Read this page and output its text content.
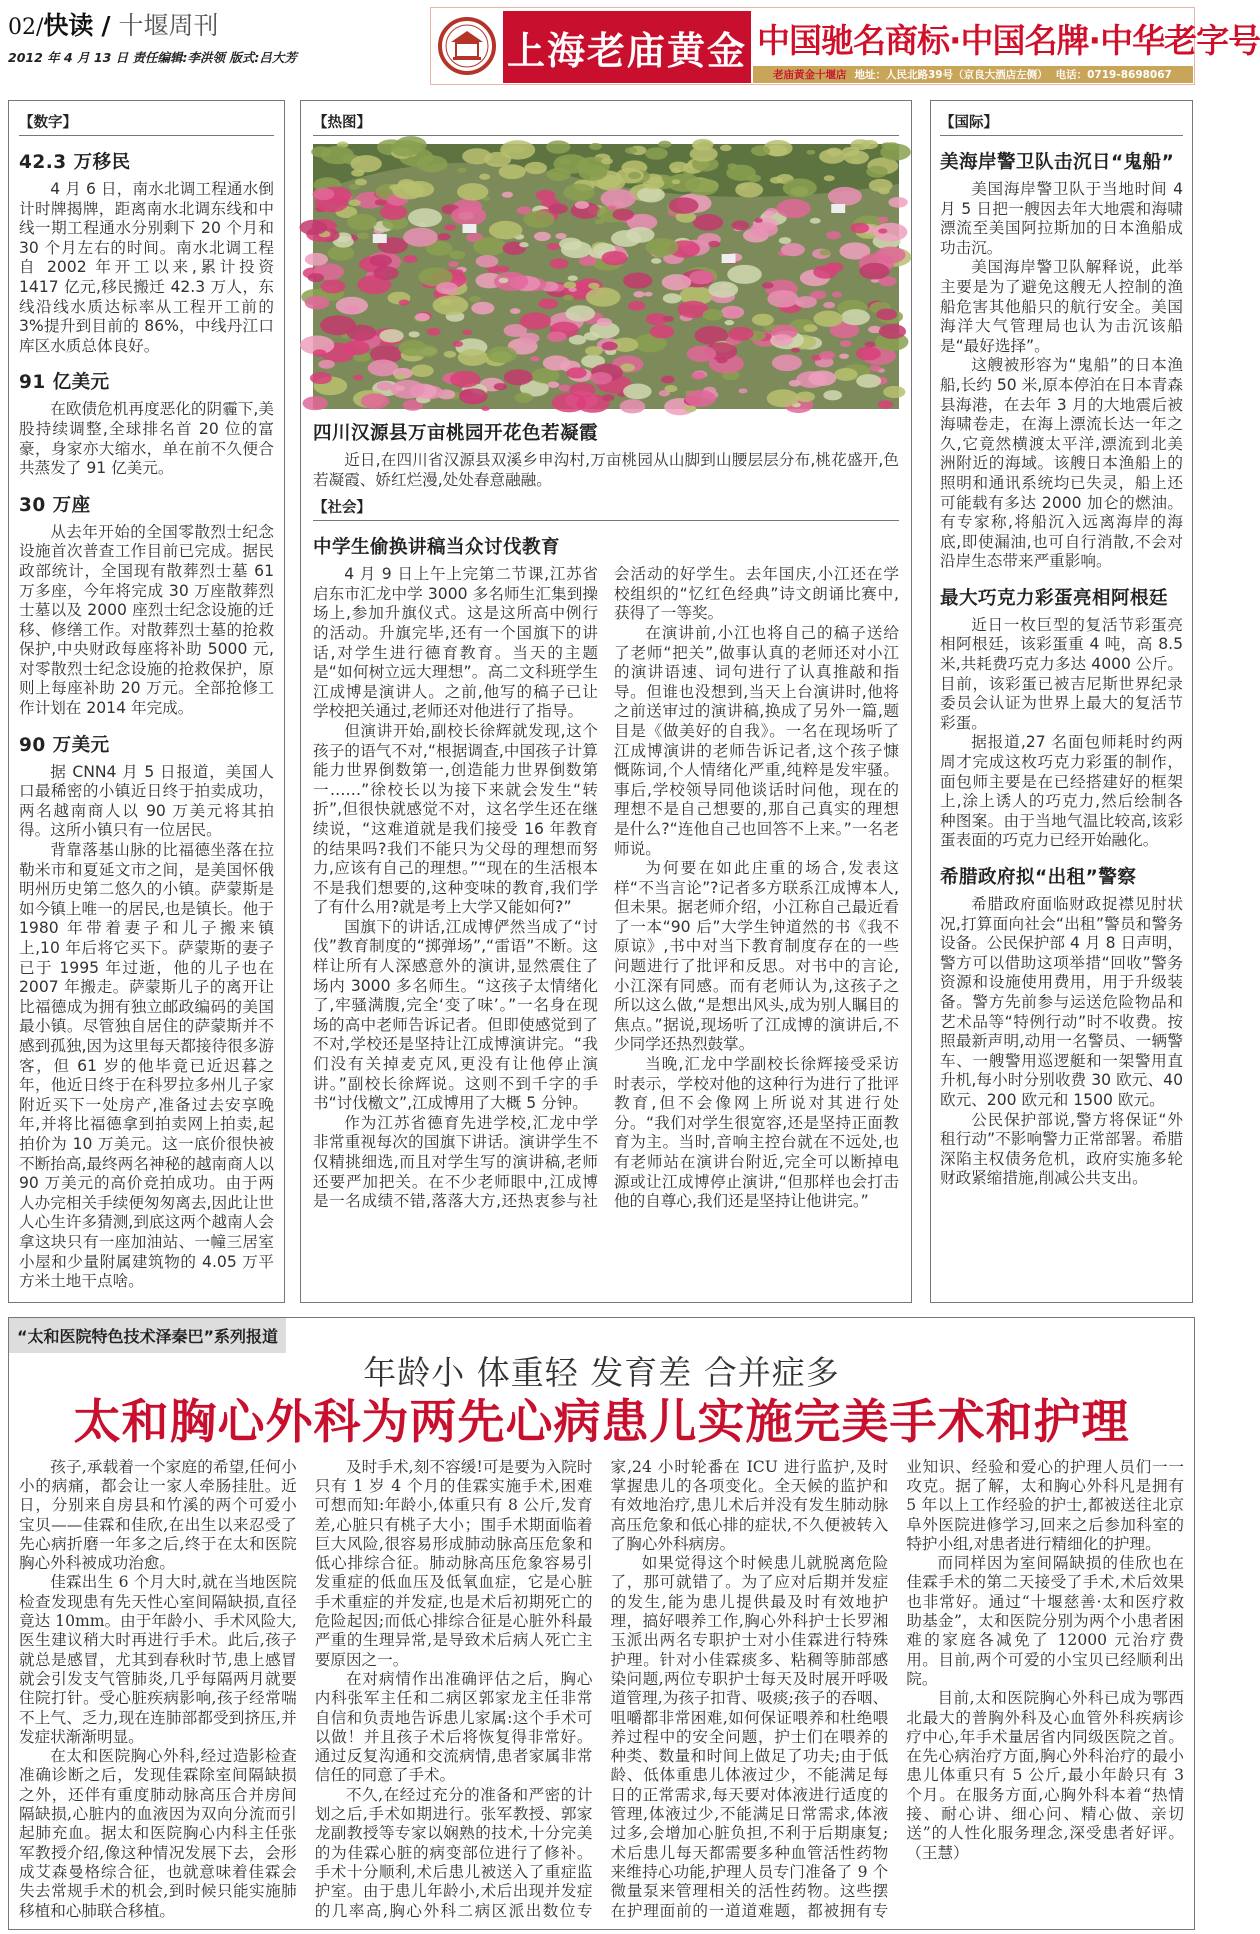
02/快读 / 十堰周刊
2012 年 4 月 13 日 责任编辑:李洪领 版式:吕大芳	上海老庙黄金 中国驰名商标·中国名牌·中华老字号
老庙黄金十堰店 地址：人民北路39号（京良大酒店左侧） 电话：0719-8698067
【数字】
42.3 万移民

4 月 6 日，南水北调工程通水倒计时牌揭牌，距离南水北调东线和中线一期工程通水分别剩下 20 个月和 30 个月左右的时间。南水北调工程自 2002 年开工以来,累计投资 1417 亿元,移民搬迁 42.3 万人，东线沿线水质达标率从工程开工前的 3%提升到目前的 86%，中线丹江口库区水质总体良好。

91 亿美元

在欧债危机再度恶化的阴霾下,美股持续调整,全球排名首 20 位的富豪，身家亦大缩水，单在前不久便合共蒸发了 91 亿美元。

30 万座

从去年开始的全国零散烈士纪念设施首次普查工作目前已完成。据民政部统计，全国现有散葬烈士墓 61 万多座，今年将完成 30 万座散葬烈士墓以及 2000 座烈士纪念设施的迁移、修缮工作。对散葬烈士墓的抢救保护,中央财政每座将补助 5000 元,对零散烈士纪念设施的抢救保护，原则上每座补助 20 万元。全部抢修工作计划在 2014 年完成。

90 万美元

据 CNN4 月 5 日报道，美国人口最稀密的小镇近日终于拍卖成功，两名越南商人以 90 万美元将其拍得。这所小镇只有一位居民。

背靠落基山脉的比福德坐落在拉勒米市和夏延文市之间，是美国怀俄明州历史第二悠久的小镇。萨蒙斯是如今镇上唯一的居民,也是镇长。他于 1980 年带着妻子和儿子搬来镇上,10 年后将它买下。萨蒙斯的妻子已于 1995 年过逝，他的儿子也在 2007 年搬走。萨蒙斯儿子的离开让比福德成为拥有独立邮政编码的美国最小镇。尽管独自居住的萨蒙斯并不感到孤独,因为这里每天都接待很多游客，但 61 岁的他毕竟已近迟暮之年，他近日终于在科罗拉多州儿子家附近买下一处房产,准备过去安享晚年,并将比福德拿到拍卖网上拍卖,起拍价为 10 万美元。这一底价很快被不断抬高,最终两名神秘的越南商人以 90 万美元的高价竞拍成功。由于两人办完相关手续便匆匆离去,因此让世人心生许多猜测,到底这两个越南人会拿这块只有一座加油站、一幢三居室小屋和少量附属建筑物的 4.05 万平方米土地干点啥。

【热图】
四川汉源县万亩桃园开花色若凝霞

近日,在四川省汉源县双溪乡申沟村,万亩桃园从山脚到山腰层层分布,桃花盛开,色若凝霞、娇红烂漫,处处春意融融。

【社会】
中学生偷换讲稿当众讨伐教育

4 月 9 日上午上完第二节课,江苏省启东市汇龙中学 3000 多名师生汇集到操场上,参加升旗仪式。这是这所高中例行的活动。升旗完毕,还有一个国旗下的讲话,对学生进行德育教育。当天的主题是“如何树立远大理想”。高二文科班学生江成博是演讲人。之前,他写的稿子已让学校把关通过,老师还对他进行了指导。

但演讲开始,副校长徐辉就发现,这个孩子的语气不对,“根据调查,中国孩子计算能力世界倒数第一,创造能力世界倒数第一……”徐校长以为接下来就会发生“转折”,但很快就感觉不对，这名学生还在继续说，“这难道就是我们接受 16 年教育的结果吗?我们不能只为父母的理想而努力,应该有自己的理想。”“现在的生活根本不是我们想要的,这种变味的教育,我们学了有什么用?就是考上大学又能如何?”

国旗下的讲话,江成博俨然当成了“讨伐”教育制度的“掷弹场”,“雷语”不断。这样让所有人深感意外的演讲,显然震住了场内 3000 多名师生。“这孩子太情绪化了,牢骚满腹,完全‘变了味’。”一名身在现场的高中老师告诉记者。但即使感觉到了不对,学校还是坚持让江成博演讲完。“我们没有关掉麦克风,更没有让他停止演讲。”副校长徐辉说。这则不到千字的手书“讨伐檄文”,江成博用了大概 5 分钟。

作为江苏省德育先进学校,汇龙中学非常重视每次的国旗下讲话。演讲学生不仅精挑细选,而且对学生写的演讲稿,老师还要严加把关。在不少老师眼中,江成博是一名成绩不错,落落大方,还热衷参与社会活动的好学生。去年国庆,小江还在学校组织的“忆红色经典”诗文朗诵比赛中,获得了一等奖。

在演讲前,小江也将自己的稿子送给了老师“把关”,做事认真的老师还对小江的演讲语速、词句进行了认真推敲和指导。但谁也没想到,当天上台演讲时,他将之前送审过的演讲稿,换成了另外一篇,题目是《做美好的自我》。一名在现场听了江成博演讲的老师告诉记者,这个孩子慷慨陈词,个人情绪化严重,纯粹是发牢骚。事后,学校领导同他谈话时问他，现在的理想不是自己想要的,那自己真实的理想是什么?“连他自己也回答不上来。”一名老师说。

为何要在如此庄重的场合,发表这样“不当言论”?记者多方联系江成博本人,但未果。据老师介绍，小江称自己最近看了一本“90 后”大学生钟道然的书《我不原谅》,书中对当下教育制度存在的一些问题进行了批评和反思。对书中的言论,小江深有同感。而有老师认为,这孩子之所以这么做,“是想出风头,成为别人瞩目的焦点。”据说,现场听了江成博的演讲后,不少同学还热烈鼓掌。

当晚,汇龙中学副校长徐辉接受采访时表示，学校对他的这种行为进行了批评教育,但不会像网上所说对其进行处分。“我们对学生很宽容,还是坚持正面教育为主。当时,音响主控台就在不远处,也有老师站在演讲台附近,完全可以断掉电源或让江成博停止演讲,“但那样也会打击他的自尊心,我们还是坚持让他讲完。”

【国际】
美海岸警卫队击沉日“鬼船”

美国海岸警卫队于当地时间 4 月 5 日把一艘因去年大地震和海啸漂流至美国阿拉斯加的日本渔船成功击沉。

美国海岸警卫队解释说，此举主要是为了避免这艘无人控制的渔船危害其他船只的航行安全。美国海洋大气管理局也认为击沉该船是“最好选择”。

这艘被形容为“鬼船”的日本渔船,长约 50 米,原本停泊在日本青森县海港，在去年 3 月的大地震后被海啸卷走，在海上漂流长达一年之久,它竟然横渡太平洋,漂流到北美洲附近的海域。该艘日本渔船上的照明和通讯系统均已失灵，船上还可能载有多达 2000 加仑的燃油。有专家称,将船沉入远离海岸的海底,即使漏油,也可自行消散,不会对沿岸生态带来严重影响。

最大巧克力彩蛋亮相阿根廷

近日一枚巨型的复活节彩蛋亮相阿根廷，该彩蛋重 4 吨，高 8.5 米,共耗费巧克力多达 4000 公斤。目前，该彩蛋已被吉尼斯世界纪录委员会认证为世界上最大的复活节彩蛋。

据报道,27 名面包师耗时约两周才完成这枚巧克力彩蛋的制作，面包师主要是在已经搭建好的框架上,涂上诱人的巧克力,然后绘制各种图案。由于当地气温比较高,该彩蛋表面的巧克力已经开始融化。

希腊政府拟“出租”警察

希腊政府面临财政捉襟见肘状况,打算面向社会“出租”警员和警务设备。公民保护部 4 月 8 日声明，警方可以借助这项举措“回收”警务资源和设施使用费用，用于升级装备。警方先前参与运送危险物品和艺术品等“特例行动”时不收费。按照最新声明,动用一名警员、一辆警车、一艘警用巡逻艇和一架警用直升机,每小时分别收费 30 欧元、40 欧元、200 欧元和 1500 欧元。

公民保护部说,警方将保证“外租行动”不影响警力正常部署。希腊深陷主权债务危机，政府实施多轮财政紧缩措施,削减公共支出。

“太和医院特色技术泽秦巴”系列报道
年龄小 体重轻 发育差 合并症多
太和胸心外科为两先心病患儿实施完美手术和护理

孩子,承载着一个家庭的希望,任何小小的病痛，都会让一家人牵肠挂肚。近日，分别来自房县和竹溪的两个可爱小宝贝——佳霖和佳欣,在出生以来忍受了先心病折磨一年多之后,终于在太和医院胸心外科被成功治愈。

佳霖出生 6 个月大时,就在当地医院检查发现患有先天性心室间隔缺损,直径竟达 10mm。由于年龄小、手术风险大,医生建议稍大时再进行手术。此后,孩子就总是感冒，尤其到春秋时节,患上感冒就会引发支气管肺炎,几乎每隔两月就要住院打针。受心脏疾病影响,孩子经常喘不上气、乏力,现在连肺部都受到挤压,并发症状渐渐明显。

在太和医院胸心外科,经过造影检查准确诊断之后，发现佳霖除室间隔缺损之外，还伴有重度肺动脉高压合并房间隔缺损,心脏内的血液因为双向分流而引起肺充血。据太和医院胸心内科主任张军教授介绍,像这种情况发展下去，会形成艾森曼格综合征，也就意味着佳霖会失去常规手术的机会,到时候只能实施肺移植和心肺联合移植。

及时手术,刻不容缓!可是要为入院时只有 1 岁 4 个月的佳霖实施手术,困难可想而知:年龄小,体重只有 8 公斤,发育差,心脏只有桃子大小；围手术期面临着巨大风险,很容易形成肺动脉高压危象和低心排综合征。肺动脉高压危象容易引发重症的低血压及低氧血症，它是心脏手术重症的并发症,也是术后初期死亡的危险起因;而低心排综合征是心脏外科最严重的生理异常,是导致术后病人死亡主要原因之一。

在对病情作出准确评估之后，胸心内科张军主任和二病区郭家龙主任非常自信和负责地告诉患儿家属:这个手术可以做！并且孩子术后将恢复得非常好。通过反复沟通和交流病情,患者家属非常信任的同意了手术。

不久,在经过充分的准备和严密的计划之后,手术如期进行。张军教授、郭家龙副教授等专家以娴熟的技术,十分完美的为佳霖心脏的病变部位进行了修补。手术十分顺利,术后患儿被送入了重症监护室。由于患儿年龄小,术后出现并发症的几率高,胸心外科二病区派出数位专家,24 小时轮番在 ICU 进行监护,及时掌握患儿的各项变化。全天候的监护和有效地治疗,患儿术后并没有发生肺动脉高压危象和低心排的症状,不久便被转入了胸心外科病房。

如果觉得这个时候患儿就脱离危险了，那可就错了。为了应对后期并发症的发生,能为患儿提供最及时有效地护理，搞好喂养工作,胸心外科护士长罗湘玉派出两名专职护士对小佳霖进行特殊护理。针对小佳霖痰多、粘稠等肺部感染问题,两位专职护士每天及时展开呼吸道管理,为孩子扣背、吸痰;孩子的吞咽、咀嚼都非常困难,如何保证喂养和杜绝喂养过程中的安全问题，护士们在喂养的种类、数量和时间上做足了功夫;由于低龄、低体重患儿体液过少，不能满足每日的正常需求,每天要对体液进行适度的管理,体液过少,不能满足日常需求,体液过多,会增加心脏负担,不利于后期康复;术后患儿每天都需要多种血管活性药物来维持心功能,护理人员专门准备了 9 个微量泵来管理相关的活性药物。这些摆在护理面前的一道道难题，都被拥有专业知识、经验和爱心的护理人员们一一攻克。据了解，太和胸心外科凡是拥有 5 年以上工作经验的护士,都被送往北京阜外医院进修学习,回来之后参加科室的特护小组,对患者进行精细化的护理。

而同样因为室间隔缺损的佳欣也在佳霖手术的第二天接受了手术,术后效果也非常好。通过“十堰慈善·太和医疗救助基金”，太和医院分别为两个小患者困难的家庭各减免了 12000 元治疗费用。目前,两个可爱的小宝贝已经顺利出院。

目前,太和医院胸心外科已成为鄂西北最大的普胸外科及心血管外科疾病诊疗中心,年手术量居省内同级医院之首。在先心病治疗方面,胸心外科治疗的最小患儿体重只有 5 公斤,最小年龄只有 3 个月。在服务方面,心胸外科本着“热情接、耐心讲、细心问、精心做、亲切送”的人性化服务理念,深受患者好评。（王慧）
